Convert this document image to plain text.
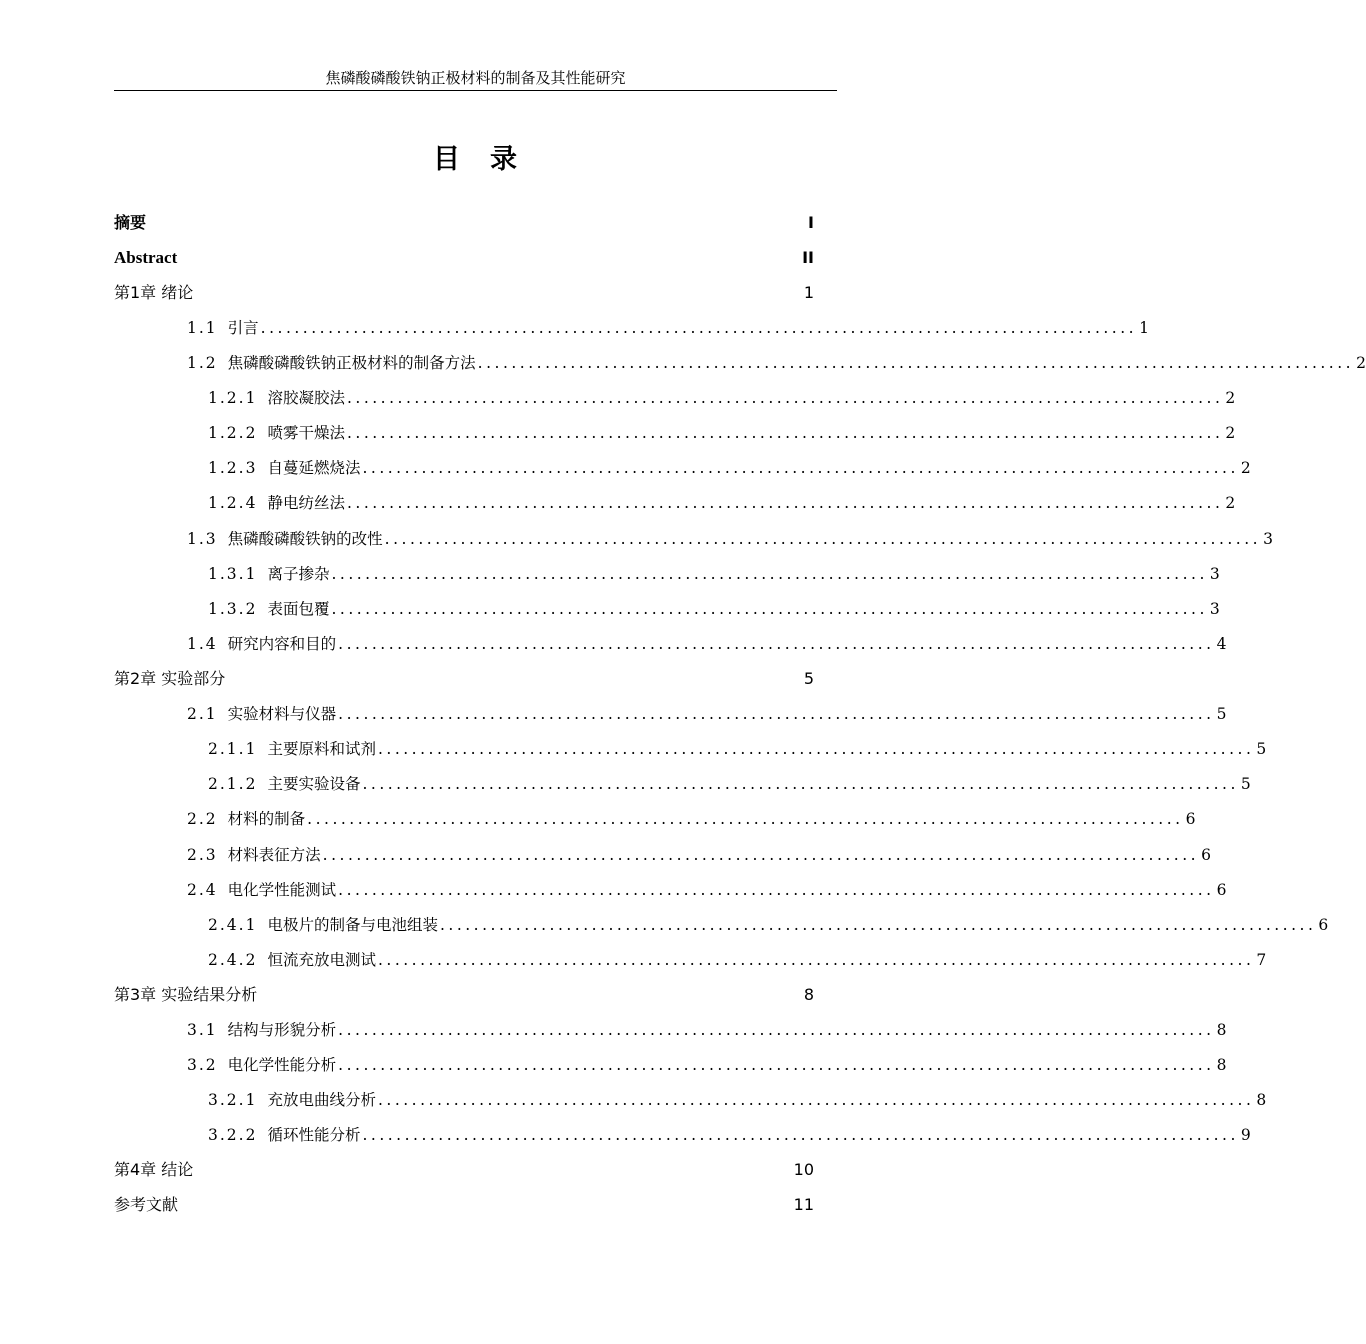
焦磷酸磷酸铁钠正极材料的制备及其性能研究
目录
摘要	I
Abstract	II
第1章 绪论	1
1.1 引言 ........................................................................................................ 1
1.2 焦磷酸磷酸铁钠正极材料的制备方法 ........................................................................................................ 2
1.2.1 溶胶凝胶法 ........................................................................................................ 2
1.2.2 喷雾干燥法 ........................................................................................................ 2
1.2.3 自蔓延燃烧法 ........................................................................................................ 2
1.2.4 静电纺丝法 ........................................................................................................ 2
1.3 焦磷酸磷酸铁钠的改性 ........................................................................................................ 3
1.3.1 离子掺杂 ........................................................................................................ 3
1.3.2 表面包覆 ........................................................................................................ 3
1.4 研究内容和目的 ........................................................................................................ 4
第2章 实验部分	5
2.1 实验材料与仪器 ........................................................................................................ 5
2.1.1 主要原料和试剂 ........................................................................................................ 5
2.1.2 主要实验设备 ........................................................................................................ 5
2.2 材料的制备 ........................................................................................................ 6
2.3 材料表征方法 ........................................................................................................ 6
2.4 电化学性能测试 ........................................................................................................ 6
2.4.1 电极片的制备与电池组装 ........................................................................................................ 6
2.4.2 恒流充放电测试 ........................................................................................................ 7
第3章 实验结果分析	8
3.1 结构与形貌分析 ........................................................................................................ 8
3.2 电化学性能分析 ........................................................................................................ 8
3.2.1 充放电曲线分析 ........................................................................................................ 8
3.2.2 循环性能分析 ........................................................................................................ 9
第4章 结论	10
参考文献	11
